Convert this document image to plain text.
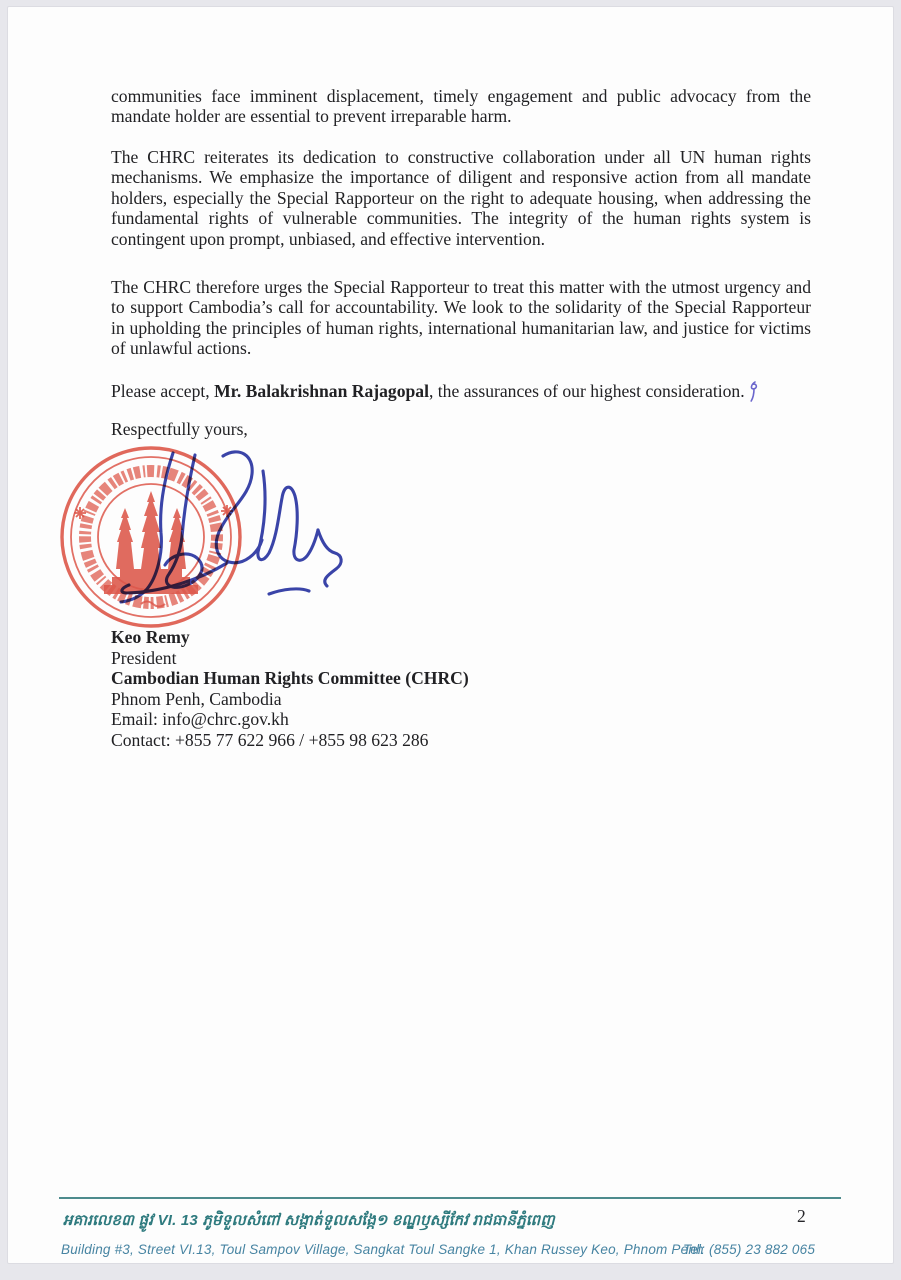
communities face imminent displacement, timely engagement and public advocacy from the mandate holder are essential to prevent irreparable harm.
The CHRC reiterates its dedication to constructive collaboration under all UN human rights mechanisms. We emphasize the importance of diligent and responsive action from all mandate holders, especially the Special Rapporteur on the right to adequate housing, when addressing the fundamental rights of vulnerable communities. The integrity of the human rights system is contingent upon prompt, unbiased, and effective intervention.
The CHRC therefore urges the Special Rapporteur to treat this matter with the utmost urgency and to support Cambodia’s call for accountability. We look to the solidarity of the Special Rapporteur in upholding the principles of human rights, international humanitarian law, and justice for victims of unlawful actions.
Please accept, Mr. Balakrishnan Rajagopal, the assurances of our highest consideration.
Respectfully yours,
Keo Remy
President
Cambodian Human Rights Committee (CHRC)
Phnom Penh, Cambodia
Email: info@chrc.gov.kh
Contact: +855 77 622 966 / +855 98 623 286
អគារលេខ៣ ផ្លូវ VI. 13 ភូមិទួលសំពៅ សង្កាត់ទួលសង្កែ១ ខណ្ឌឫស្សីកែវ រាជធានីភ្នំពេញ	2
Building #3, Street VI.13, Toul Sampov Village, Sangkat Toul Sangke 1, Khan Russey Keo, Phnom Penh
Tel: (855) 23 882 065
